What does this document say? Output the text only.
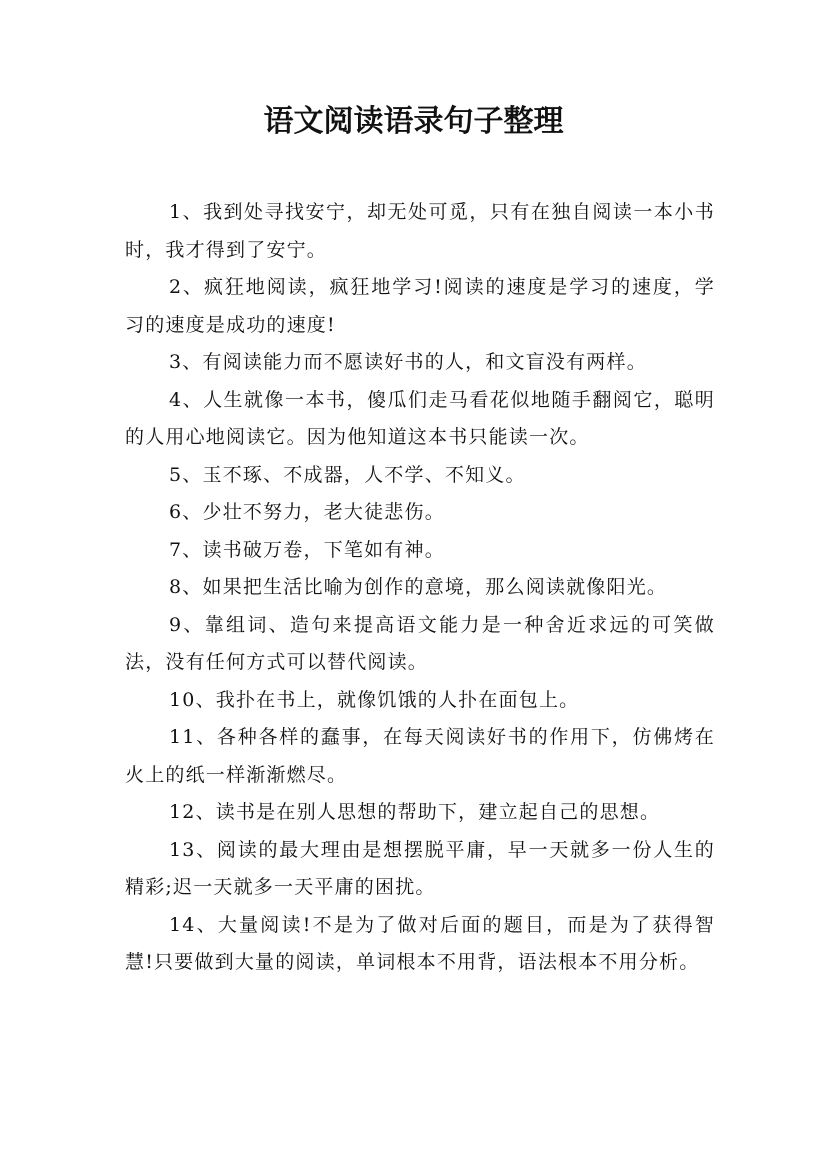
语文阅读语录句子整理

1、我到处寻找安宁，却无处可觅，只有在独自阅读一本小书时，我才得到了安宁。

2、疯狂地阅读，疯狂地学习!阅读的速度是学习的速度，学习的速度是成功的速度!

3、有阅读能力而不愿读好书的人，和文盲没有两样。

4、人生就像一本书，傻瓜们走马看花似地随手翻阅它，聪明的人用心地阅读它。因为他知道这本书只能读一次。

5、玉不琢、不成器，人不学、不知义。

6、少壮不努力，老大徒悲伤。

7、读书破万卷，下笔如有神。

8、如果把生活比喻为创作的意境，那么阅读就像阳光。

9、靠组词、造句来提高语文能力是一种舍近求远的可笑做法，没有任何方式可以替代阅读。

10、我扑在书上，就像饥饿的人扑在面包上。

11、各种各样的蠢事，在每天阅读好书的作用下，仿佛烤在火上的纸一样渐渐燃尽。

12、读书是在别人思想的帮助下，建立起自己的思想。

13、阅读的最大理由是想摆脱平庸，早一天就多一份人生的精彩;迟一天就多一天平庸的困扰。

14、大量阅读!不是为了做对后面的题目，而是为了获得智慧!只要做到大量的阅读，单词根本不用背，语法根本不用分析。
